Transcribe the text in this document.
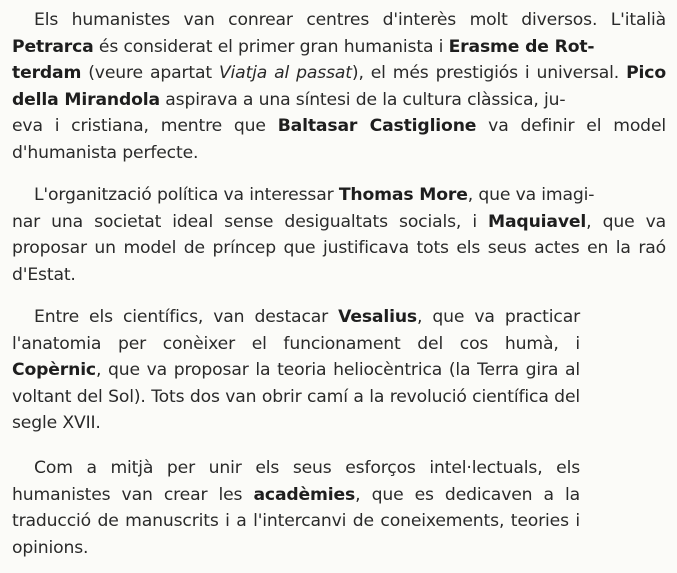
Els humanistes van conrear centres d'interès molt diversos. L'italià Petrarca és considerat el primer gran humanista i Erasme de Rot-
terdam (veure apartat Viatja al passat), el més prestigiós i universal. Pico della Mirandola aspirava a una síntesi de la cultura clàssica, ju-
eva i cristiana, mentre que Baltasar Castiglione va definir el model d'humanista perfecte.

L'organització política va interessar Thomas More, que va imagi-
nar una societat ideal sense desigualtats socials, i Maquiavel, que va proposar un model de príncep que justificava tots els seus actes en la raó d'Estat.

Entre els científics, van destacar Vesalius, que va practicar l'anatomia per conèixer el funcionament del cos humà, i Copèrnic, que va proposar la teoria heliocèntrica (la Terra gira al voltant del Sol). Tots dos van obrir camí a la revolució científica del segle XVII.

Com a mitjà per unir els seus esforços intel·lectuals, els humanistes van crear les acadèmies, que es dedicaven a la traducció de manuscrits i a l'intercanvi de coneixements, teories i opinions.
